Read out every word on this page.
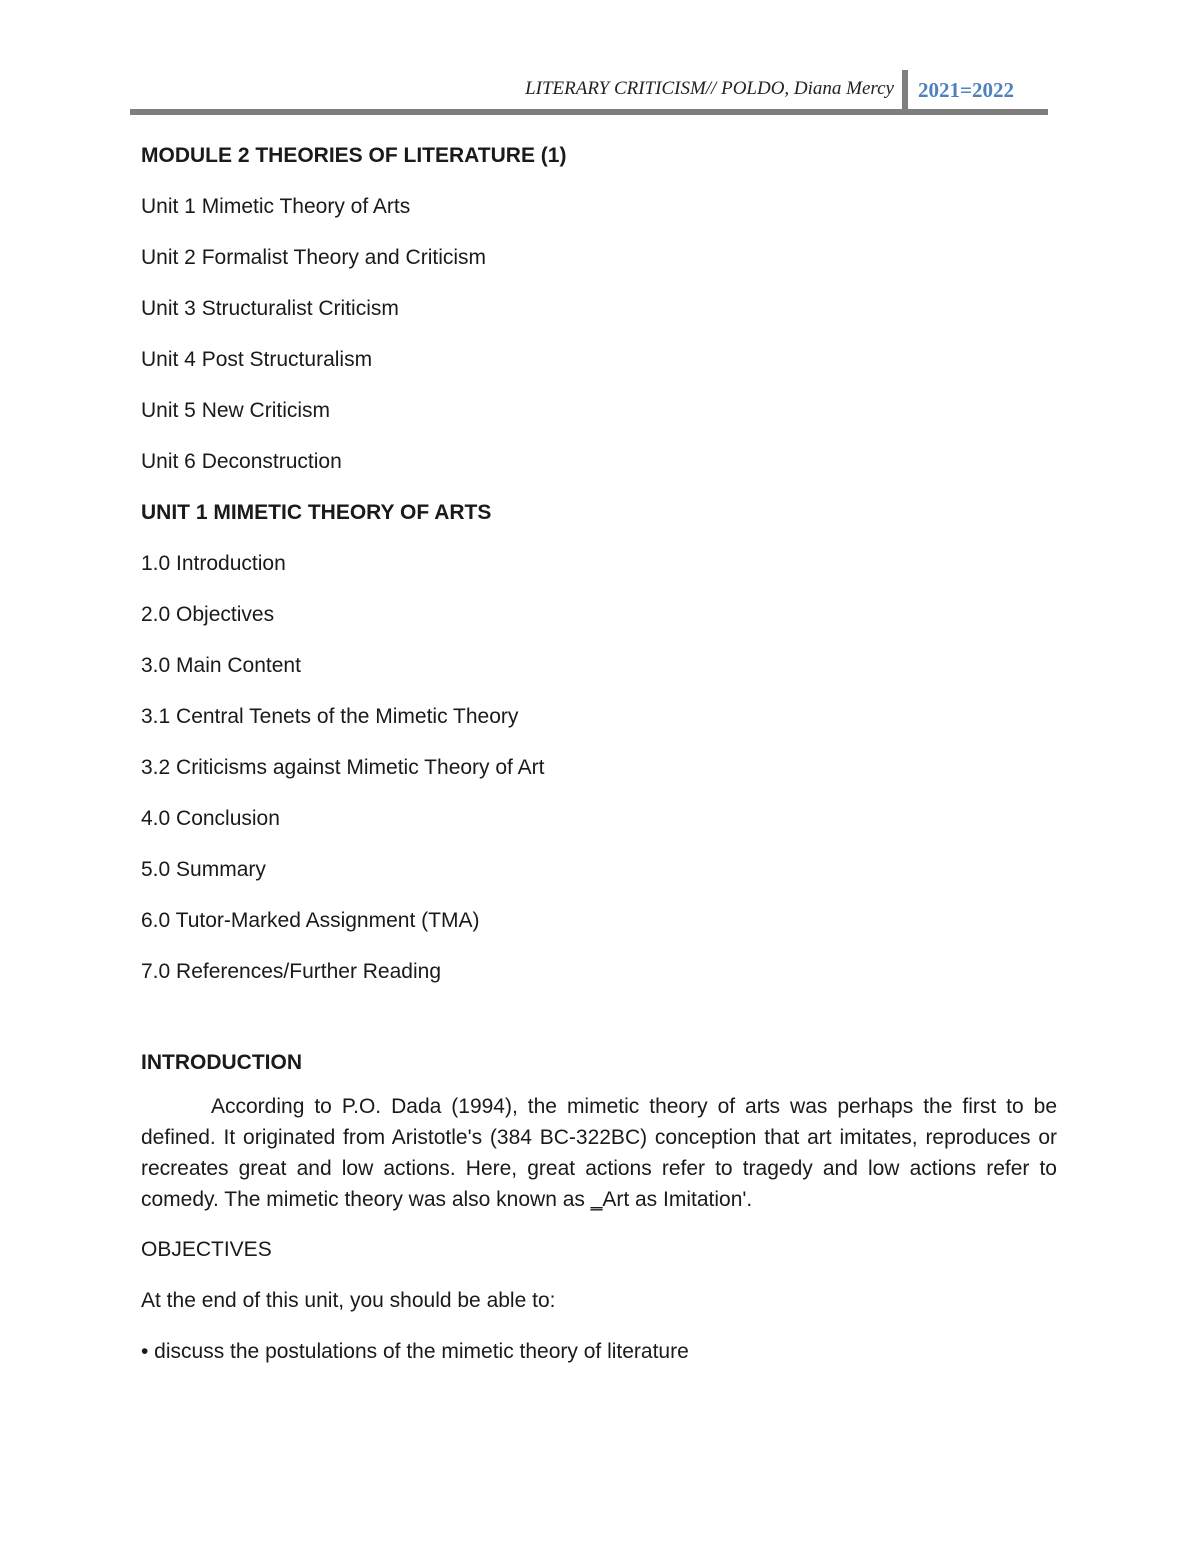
LITERARY CRITICISM// POLDO, Diana Mercy 2021=2022
MODULE 2 THEORIES OF LITERATURE (1)
Unit 1 Mimetic Theory of Arts
Unit 2 Formalist Theory and Criticism
Unit 3 Structuralist Criticism
Unit 4 Post Structuralism
Unit 5 New Criticism
Unit 6 Deconstruction
UNIT 1 MIMETIC THEORY OF ARTS
1.0 Introduction
2.0 Objectives
3.0 Main Content
3.1 Central Tenets of the Mimetic Theory
3.2 Criticisms against Mimetic Theory of Art
4.0 Conclusion
5.0 Summary
6.0 Tutor-Marked Assignment (TMA)
7.0 References/Further Reading
INTRODUCTION

According to P.O. Dada (1994), the mimetic theory of arts was perhaps the first to be defined. It originated from Aristotle's (384 BC-322BC) conception that art imitates, reproduces or recreates great and low actions. Here, great actions refer to tragedy and low actions refer to comedy. The mimetic theory was also known as ‗Art as Imitation'.

OBJECTIVES
At the end of this unit, you should be able to:
• discuss the postulations of the mimetic theory of literature
